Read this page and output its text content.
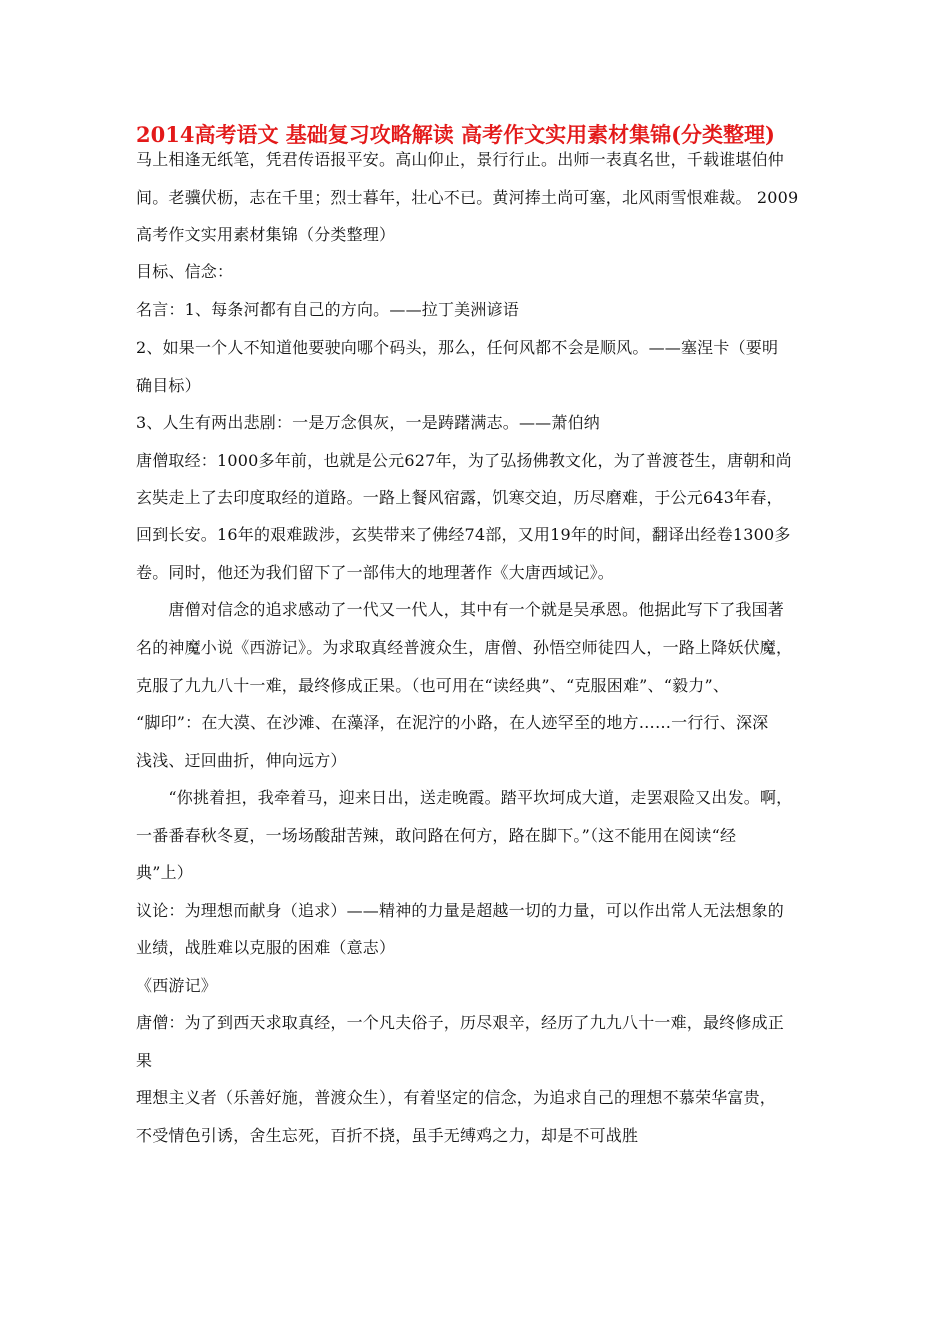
2014高考语文 基础复习攻略解读 高考作文实用素材集锦(分类整理)
马上相逢无纸笔，凭君传语报平安。高山仰止，景行行止。出师一表真名世，千载谁堪伯仲
间。老骥伏枥，志在千里；烈士暮年，壮心不已。黄河捧土尚可塞，北风雨雪恨难裁。 2009
高考作文实用素材集锦（分类整理）
目标、信念：
名言：1、每条河都有自己的方向。——拉丁美洲谚语
2、如果一个人不知道他要驶向哪个码头，那么，任何风都不会是顺风。——塞涅卡（要明
确目标）
3、人生有两出悲剧：一是万念俱灰，一是踌躇满志。——萧伯纳
唐僧取经：1000多年前，也就是公元627年，为了弘扬佛教文化，为了普渡苍生，唐朝和尚
玄奘走上了去印度取经的道路。一路上餐风宿露，饥寒交迫，历尽磨难，于公元643年春，
回到长安。16年的艰难跋涉，玄奘带来了佛经74部，又用19年的时间，翻译出经卷1300多
卷。同时，他还为我们留下了一部伟大的地理著作《大唐西域记》。
　　唐僧对信念的追求感动了一代又一代人，其中有一个就是吴承恩。他据此写下了我国著
名的神魔小说《西游记》。为求取真经普渡众生，唐僧、孙悟空师徒四人，一路上降妖伏魔，
克服了九九八十一难，最终修成正果。（也可用在“读经典”、“克服困难”、“毅力”、
“脚印”：在大漠、在沙滩、在藻泽，在泥泞的小路，在人迹罕至的地方……一行行、深深
浅浅、迂回曲折，伸向远方）
　　“你挑着担，我牵着马，迎来日出，送走晚霞。踏平坎坷成大道，走罢艰险又出发。啊，
一番番春秋冬夏，一场场酸甜苦辣，敢问路在何方，路在脚下。”（这不能用在阅读“经
典”上）
议论：为理想而献身（追求）——精神的力量是超越一切的力量，可以作出常人无法想象的
业绩，战胜难以克服的困难（意志）
《西游记》
唐僧：为了到西天求取真经，一个凡夫俗子，历尽艰辛，经历了九九八十一难，最终修成正
果
理想主义者（乐善好施，普渡众生），有着坚定的信念，为追求自己的理想不慕荣华富贵，
不受情色引诱，舍生忘死，百折不挠，虽手无缚鸡之力，却是不可战胜
